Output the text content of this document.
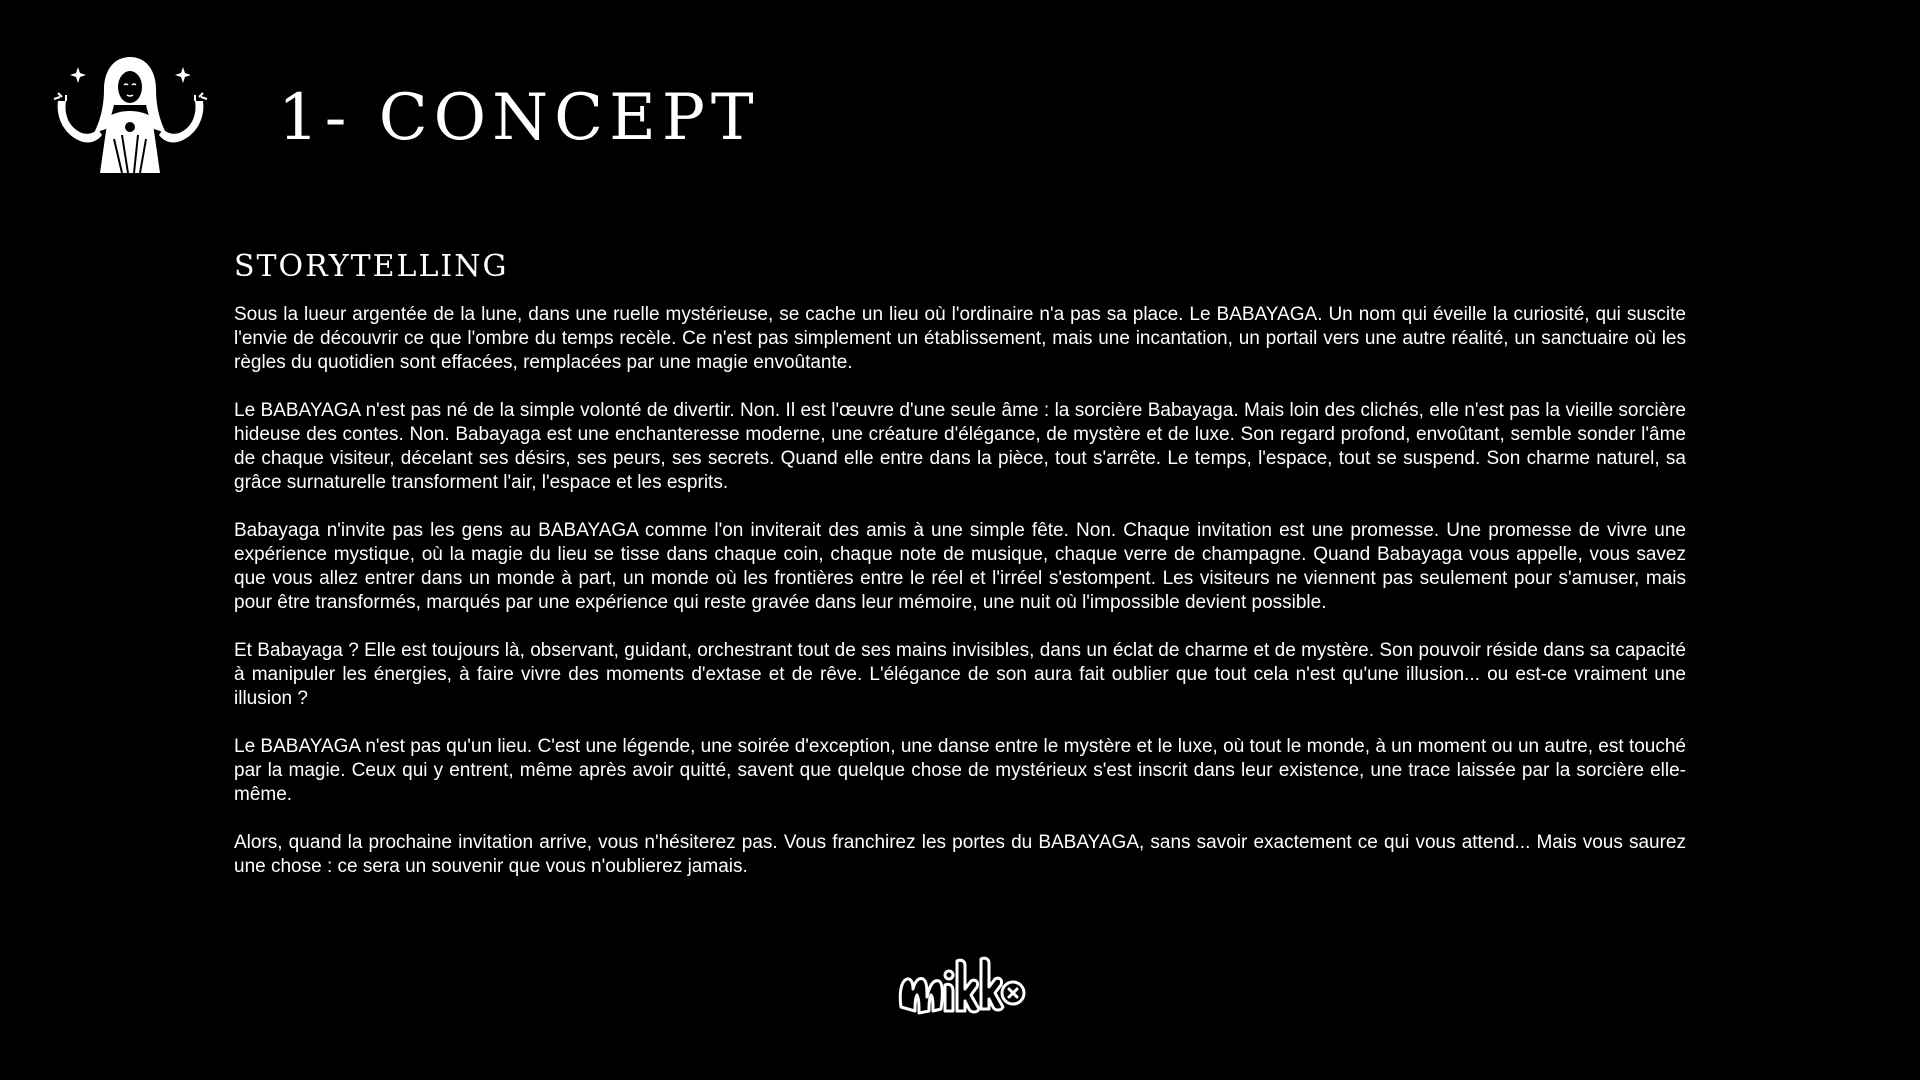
1- CONCEPT
STORYTELLING

Sous la lueur argentée de la lune, dans une ruelle mystérieuse, se cache un lieu où l'ordinaire n'a pas sa place. Le BABAYAGA. Un nom qui éveille la curiosité, qui suscite l'envie de découvrir ce que l'ombre du temps recèle. Ce n'est pas simplement un établissement, mais une incantation, un portail vers une autre réalité, un sanctuaire où les règles du quotidien sont effacées, remplacées par une magie envoûtante.

Le BABAYAGA n'est pas né de la simple volonté de divertir. Non. Il est l'œuvre d'une seule âme : la sorcière Babayaga. Mais loin des clichés, elle n'est pas la vieille sorcière hideuse des contes. Non. Babayaga est une enchanteresse moderne, une créature d'élégance, de mystère et de luxe. Son regard profond, envoûtant, semble sonder l'âme de chaque visiteur, décelant ses désirs, ses peurs, ses secrets. Quand elle entre dans la pièce, tout s'arrête. Le temps, l'espace, tout se suspend. Son charme naturel, sa grâce surnaturelle transforment l'air, l'espace et les esprits.

Babayaga n'invite pas les gens au BABAYAGA comme l'on inviterait des amis à une simple fête. Non. Chaque invitation est une promesse. Une promesse de vivre une expérience mystique, où la magie du lieu se tisse dans chaque coin, chaque note de musique, chaque verre de champagne. Quand Babayaga vous appelle, vous savez que vous allez entrer dans un monde à part, un monde où les frontières entre le réel et l'irréel s'estompent. Les visiteurs ne viennent pas seulement pour s'amuser, mais pour être transformés, marqués par une expérience qui reste gravée dans leur mémoire, une nuit où l'impossible devient possible.

Et Babayaga ? Elle est toujours là, observant, guidant, orchestrant tout de ses mains invisibles, dans un éclat de charme et de mystère. Son pouvoir réside dans sa capacité à manipuler les énergies, à faire vivre des moments d'extase et de rêve. L'élégance de son aura fait oublier que tout cela n'est qu'une illusion... ou est-ce vraiment une illusion ?

Le BABAYAGA n'est pas qu'un lieu. C'est une légende, une soirée d'exception, une danse entre le mystère et le luxe, où tout le monde, à un moment ou un autre, est touché par la magie. Ceux qui y entrent, même après avoir quitté, savent que quelque chose de mystérieux s'est inscrit dans leur existence, une trace laissée par la sorcière elle-même.

Alors, quand la prochaine invitation arrive, vous n'hésiterez pas. Vous franchirez les portes du BABAYAGA, sans savoir exactement ce qui vous attend... Mais vous saurez une chose : ce sera un souvenir que vous n'oublierez jamais.
